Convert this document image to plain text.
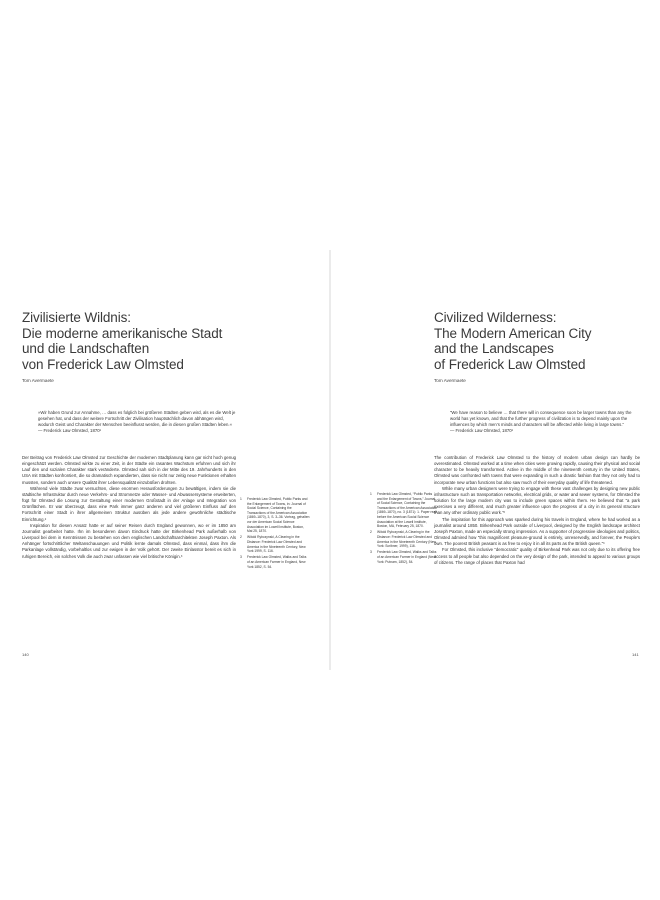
Zivilisierte Wildnis:
Die moderne amerikanische Stadt
und die Landschaften
von Frederick Law Olmsted
Tom Avermaete
»Wir haben Grund zur Annahme, … dass es folglich bei größeren Städten geben wird, als es die Welt je gesehen hat, und dass der weitere Fortschritt der Zivilisation hauptsächlich davon abhängen wird, wodurch Geist und Charakter der Menschen beeinflusst werden, die in diesen großen Städten leben.«
— Frederick Law Olmsted, 1870¹

Der Beitrag von Frederick Law Olmsted zur Geschichte der modernen Stadtplanung kann gar nicht hoch genug eingeschätzt werden. Olmsted wirkte zu einer Zeit, in der Städte ein rasantes Wachstum erfuhren und sich ihr Lauf den und sozialen Charakter stark veränderte. Olmsted sah sich in der Mitte des 19. Jahrhunderts in den USA mit Städten konfrontiert, die so dramatisch expandierten, dass sie nicht nur zeitig neue Funktionen erhalten mussten, sondern auch unsere Qualität ihrer Lebensqualität einzubüßen drohten.

Während viele Städte zwar versuchten, diese enormen Herausforderungen zu bewältigen, indem sie die städtische Infrastruktur durch neue Verkehrs- und Stromnetze oder Wasser- und Abwassersysteme erweiterten, fügt für Olmsted die Lösung zur Gestaltung einer modernen Großstadt in der Anlage und Integration von Grünflächen. Er war überzeugt, dass eine Park immer ganz anderen und viel größeren Einfluss auf den Fortschritt einer Stadt in ihrer allgemeinen Struktur ausüben als jede andere gewöhnliche städtische Einrichtung.²

Inspiration für diesen Ansatz hatte er auf seiner Reisen durch England gewonnen, wo er im 1850 am Journalist gearbeitet hatte. Ihn im besonderen davon Eindruck hatte der Birkenhead Park außerhalb von Liverpool bei dem in Kenntnissen zu bestehen von dem englischen Landschaftsarchitekten Joseph Paxton. Als Anhänger fortschrittlicher Weltanschauungen und Politik lernte damals Olmsted, dass einmal, dass ihm die Parkanlage vollständig, vorbehaltlos und zur ewigen in der Volk gehört. Der zweite Einlasstor bereit es sich in ruhigen Bereich, ein solches Volk die auch zwar unfassen wie viel britische Königin.³

1 Frederick Law Olmsted, Public Parks and the Enlargement of Towns, in: Journal of Social Science, Containing the Transactions of the American Association (1869–1870), 3, S. 3–36. Vortrag, gehalten vor der American Social Science Association im Lowell Institute, Boston, Mai 25, 1870.
2 Witold Rybczynski, A Clearing in the Distance: Frederick Law Olmsted and America in the Nineteenth Century, New York 1999, S. 116.
3 Frederick Law Olmsted, Walks and Talks of an American Farmer in England, New York 1852, S. 54.
140
1 Frederick Law Olmsted, “Public Parks and the Enlargement of Towns,” Journal of Social Science, Containing the Transactions of the American Association (1869–1870), no. 3 (1871): 1. Paper read before the American Social Science Association at the Lowell Institute, Boston, MA, February 25, 1870.
2 Witold Rybczynski, A Clearing in the Distance: Frederick Law Olmsted and America in the Nineteenth Century (New York: Scribner, 1999), 116.
3 Frederick Law Olmsted, Walks and Talks of an American Farmer in England (New York: Putnam, 1852), 54.
Civilized Wilderness:
The Modern American City
and the Landscapes
of Frederick Law Olmsted
Tom Avermaete
“We have reason to believe … that there will in consequence soon be larger towns than any the world has yet known, and that the further progress of civilization is to depend mainly upon the influences by which men’s minds and characters will be affected while living in large towns.”
— Frederick Law Olmsted, 1870¹

The contribution of Frederick Law Olmsted to the history of modern urban design can hardly be overestimated. Olmsted worked at a time when cities were growing rapidly, causing their physical and social character to be heavily transformed. Active in the middle of the nineteenth century in the United States, Olmsted was confronted with towns that were expanding in such a drastic fashion that they not only had to incorporate new urban functions but also saw much of their everyday quality of life threatened.

While many urban designers were trying to engage with these vast challenges by designing new public infrastructure such as transportation networks, electrical grids, or water and sewer systems, for Olmsted the solution for the large modern city was to include green spaces within them. He believed that “a park exercises a very different, and much greater influence upon the progress of a city in its general structure than any other ordinary public work.”²

The inspiration for this approach was sparked during his travels in England, where he had worked as a journalist around 1850. Birkenhead Park outside of Liverpool, designed by the English landscape architect Joseph Paxton, made an especially strong impression. As a supporter of progressive ideologies and politics, Olmsted admired how “this magnificent pleasure-ground is entirely, unreservedly, and forever, the People’s own. The poorest British peasant is as free to enjoy it in all its parts as the British queen.”³

For Olmsted, this inclusive “democratic” quality of Birkenhead Park was not only due to its offering free access to all people but also depended on the very design of the park, intended to appeal to various groups of citizens. The range of places that Paxton had

141
